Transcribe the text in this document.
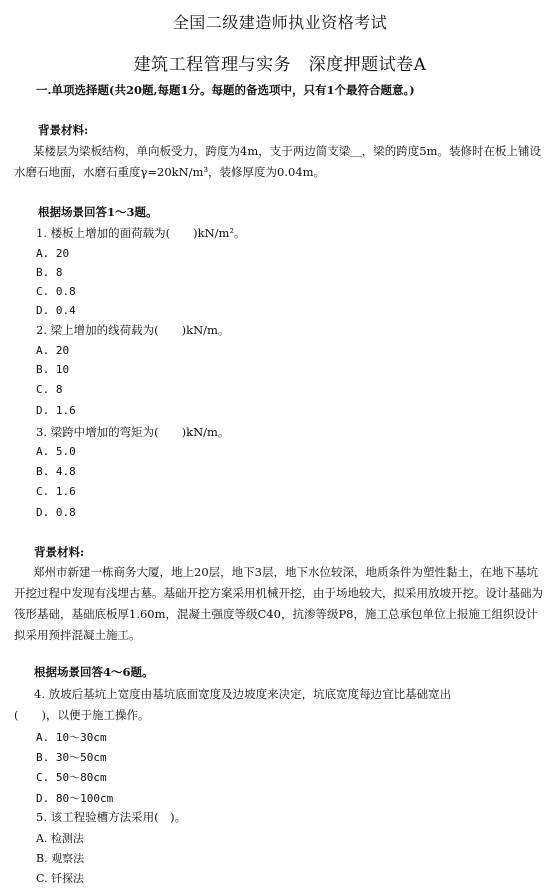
全国二级建造师执业资格考试
建筑工程管理与实务　深度押题试卷A
一.单项选择题(共20题,每题1分。每题的备选项中，只有1个最符合题意。)
背景材料:
某楼层为梁板结构，单向板受力，跨度为4m，支于两边简支梁＿，梁的跨度5m。装修时在板上铺设水磨石地面，水磨石重度γ=20kN/m³，装修厚度为0.04m。
根据场景回答1～3题。
1. 楼板上增加的面荷载为(　　)kN/m²。
A. 20
B. 8
C. 0.8
D. 0.4
2. 梁上增加的线荷载为(　　)kN/m。
A. 20
B. 10
C. 8
D. 1.6
3. 梁跨中增加的弯矩为(　　)kN/m。
A. 5.0
B. 4.8
C. 1.6
D. 0.8
背景材料:
郑州市新建一栋商务大厦，地上20层，地下3层，地下水位较深，地质条件为塑性黏土，在地下基坑开挖过程中发现有浅埋古墓。基础开挖方案采用机械开挖，由于场地较大，拟采用放坡开挖。设计基础为筏形基础，基础底板厚1.60m，混凝土强度等级C40，抗渗等级P8，施工总承包单位上报施工组织设计拟采用预拌混凝土施工。
根据场景回答4～6题。
4. 放坡后基坑上宽度由基坑底面宽度及边坡度来决定，坑底宽度每边宜比基础宽出
(　　)，以便于施工操作。
A. 10～30cm
B. 30～50cm
C. 50～80cm
D. 80～100cm
5. 该工程验槽方法采用(　)。
A. 检测法
B. 观察法
C. 钎探法
